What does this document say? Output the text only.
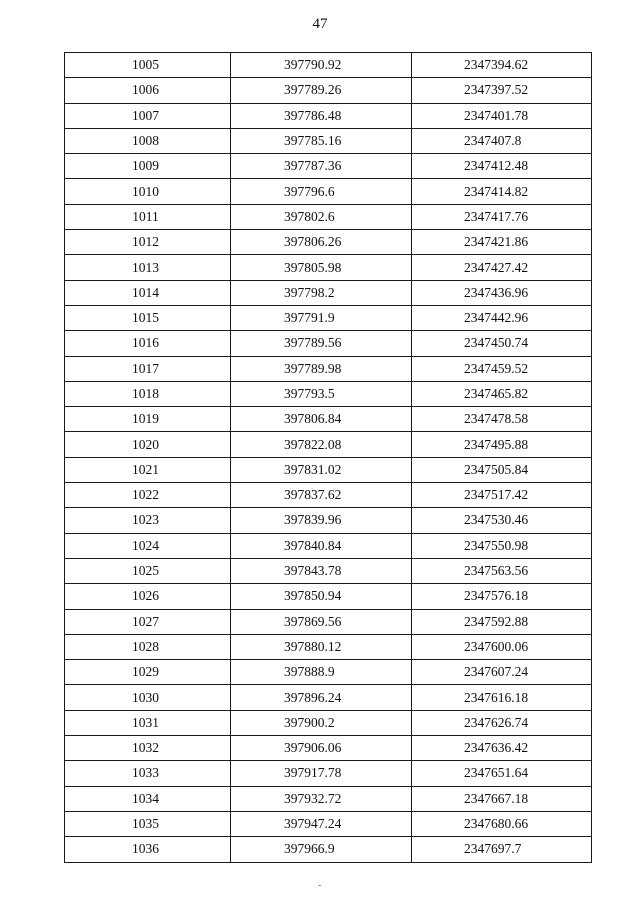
47
1005	397790.92	2347394.62
1006	397789.26	2347397.52
1007	397786.48	2347401.78
1008	397785.16	2347407.8
1009	397787.36	2347412.48
1010	397796.6	2347414.82
1011	397802.6	2347417.76
1012	397806.26	2347421.86
1013	397805.98	2347427.42
1014	397798.2	2347436.96
1015	397791.9	2347442.96
1016	397789.56	2347450.74
1017	397789.98	2347459.52
1018	397793.5	2347465.82
1019	397806.84	2347478.58
1020	397822.08	2347495.88
1021	397831.02	2347505.84
1022	397837.62	2347517.42
1023	397839.96	2347530.46
1024	397840.84	2347550.98
1025	397843.78	2347563.56
1026	397850.94	2347576.18
1027	397869.56	2347592.88
1028	397880.12	2347600.06
1029	397888.9	2347607.24
1030	397896.24	2347616.18
1031	397900.2	2347626.74
1032	397906.06	2347636.42
1033	397917.78	2347651.64
1034	397932.72	2347667.18
1035	397947.24	2347680.66
1036	397966.9	2347697.7
